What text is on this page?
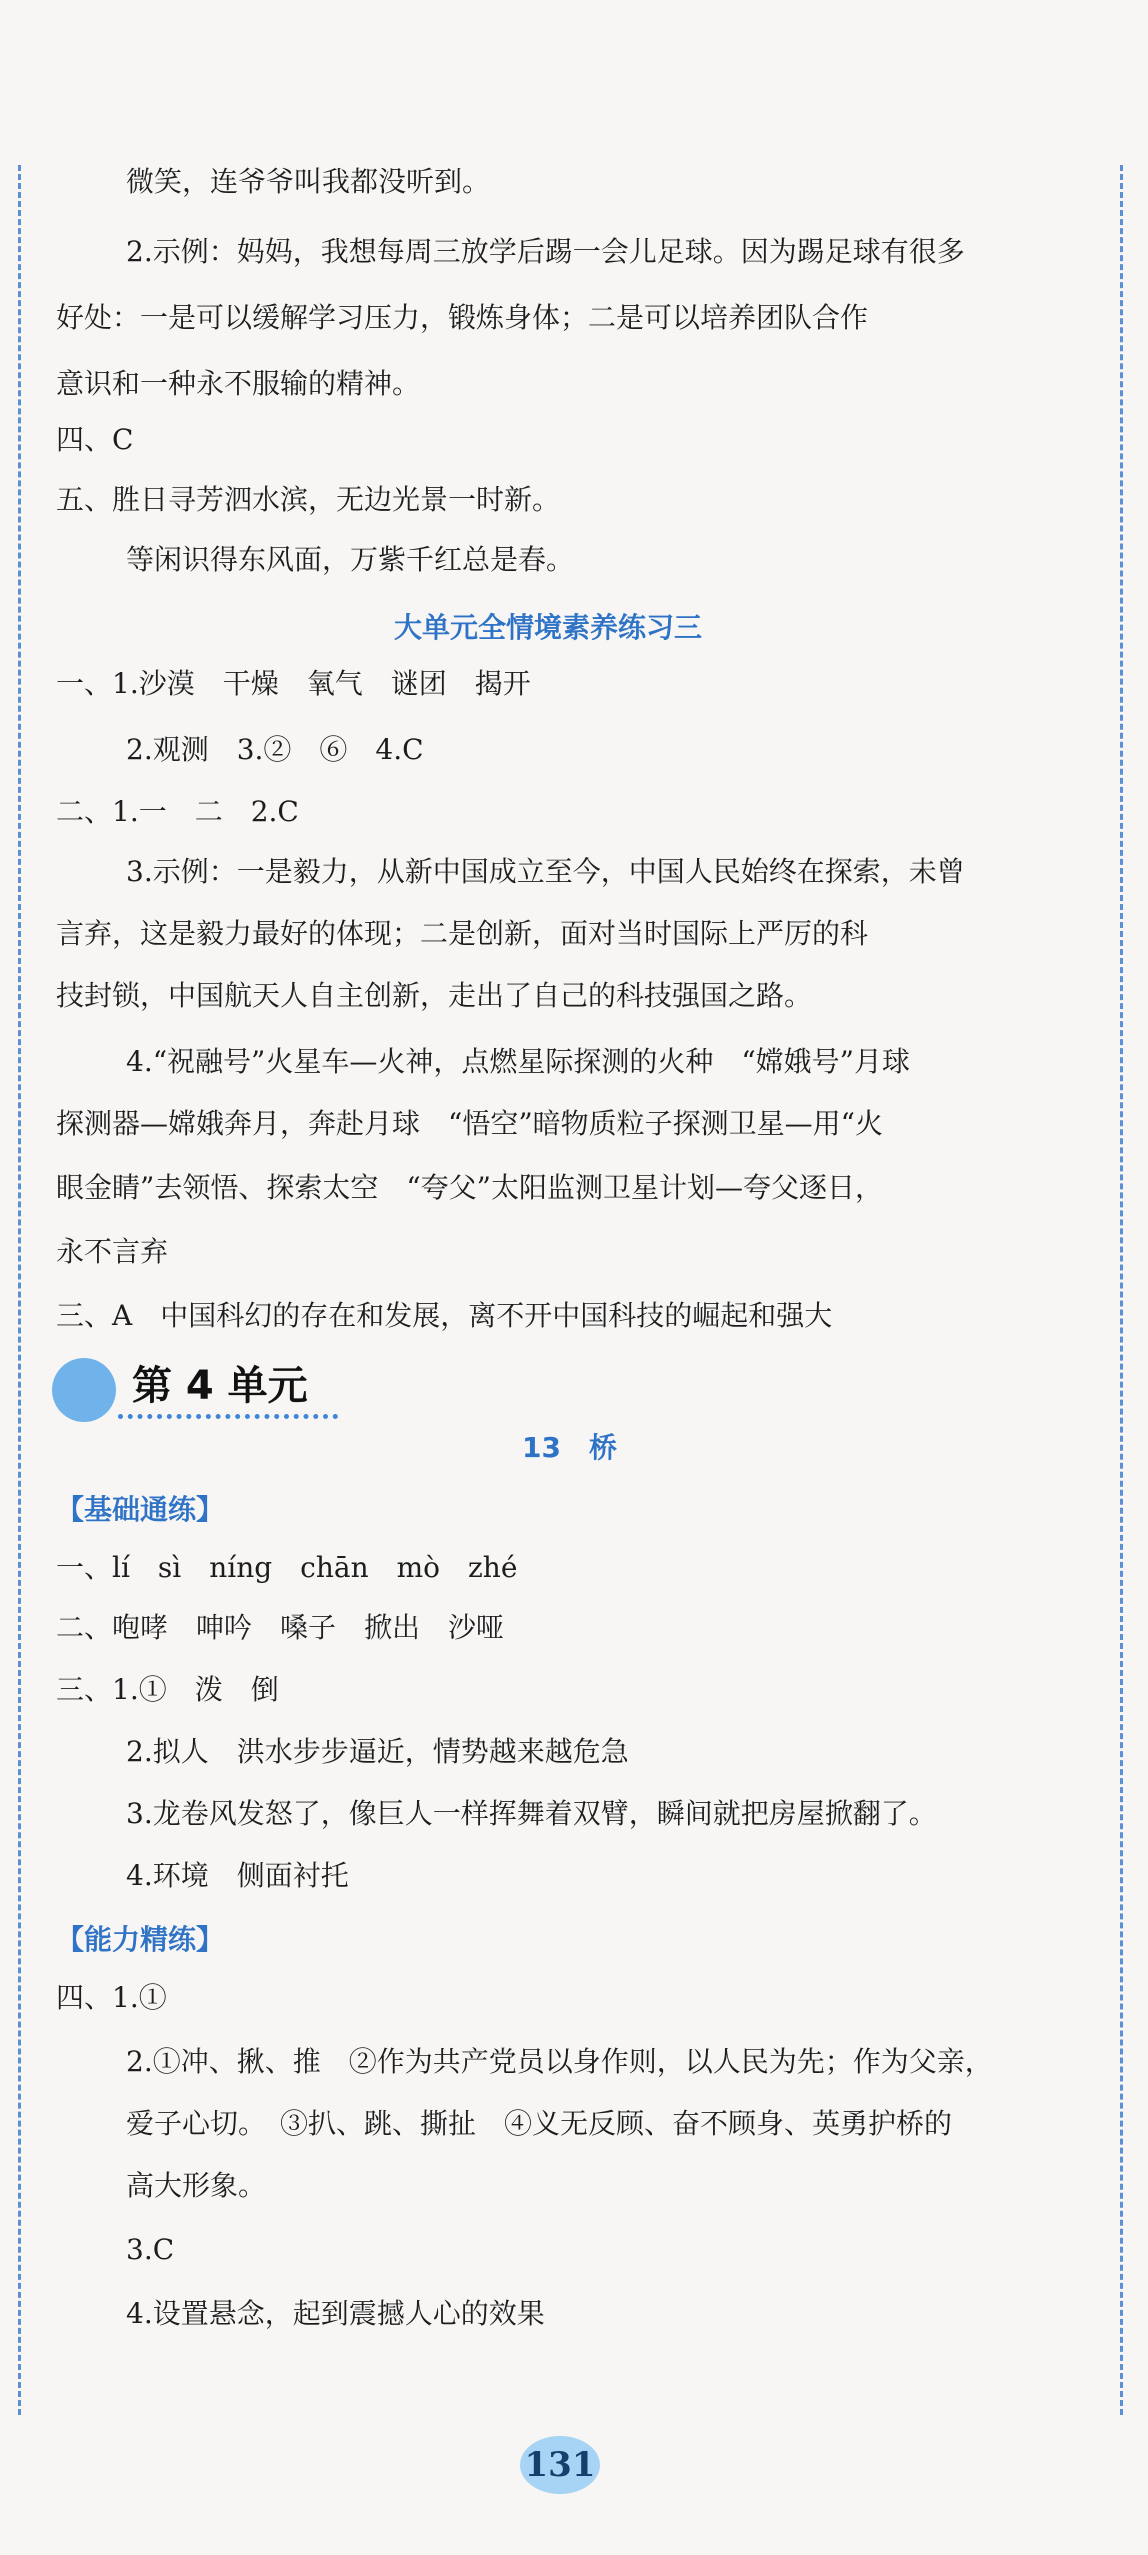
微笑，连爷爷叫我都没听到。
2.示例：妈妈，我想每周三放学后踢一会儿足球。因为踢足球有很多
好处：一是可以缓解学习压力，锻炼身体；二是可以培养团队合作
意识和一种永不服输的精神。
四、C
五、胜日寻芳泗水滨，无边光景一时新。
等闲识得东风面，万紫千红总是春。
大单元全情境素养练习三
一、1.沙漠　干燥　氧气　谜团　揭开
2.观测　3.②　⑥　4.C
二、1.一　二　2.C
3.示例：一是毅力，从新中国成立至今，中国人民始终在探索，未曾
言弃，这是毅力最好的体现；二是创新，面对当时国际上严厉的科
技封锁，中国航天人自主创新，走出了自己的科技强国之路。
4.“祝融号”火星车—火神，点燃星际探测的火种　“嫦娥号”月球
探测器—嫦娥奔月，奔赴月球　“悟空”暗物质粒子探测卫星—用“火
眼金睛”去领悟、探索太空　“夸父”太阳监测卫星计划—夸父逐日，
永不言弃
三、A　中国科幻的存在和发展，离不开中国科技的崛起和强大
第 4 单元
13　桥
【基础通练】
一、lí　sì　níng　chān　mò　zhé
二、咆哮　呻吟　嗓子　掀出　沙哑
三、1.①　泼　倒
2.拟人　洪水步步逼近，情势越来越危急
3.龙卷风发怒了，像巨人一样挥舞着双臂，瞬间就把房屋掀翻了。
4.环境　侧面衬托
【能力精练】
四、1.①
2.①冲、揪、推　②作为共产党员以身作则，以人民为先；作为父亲，
爱子心切。　③扒、跳、撕扯　④义无反顾、奋不顾身、英勇护桥的
高大形象。
3.C
4.设置悬念，起到震撼人心的效果
131
